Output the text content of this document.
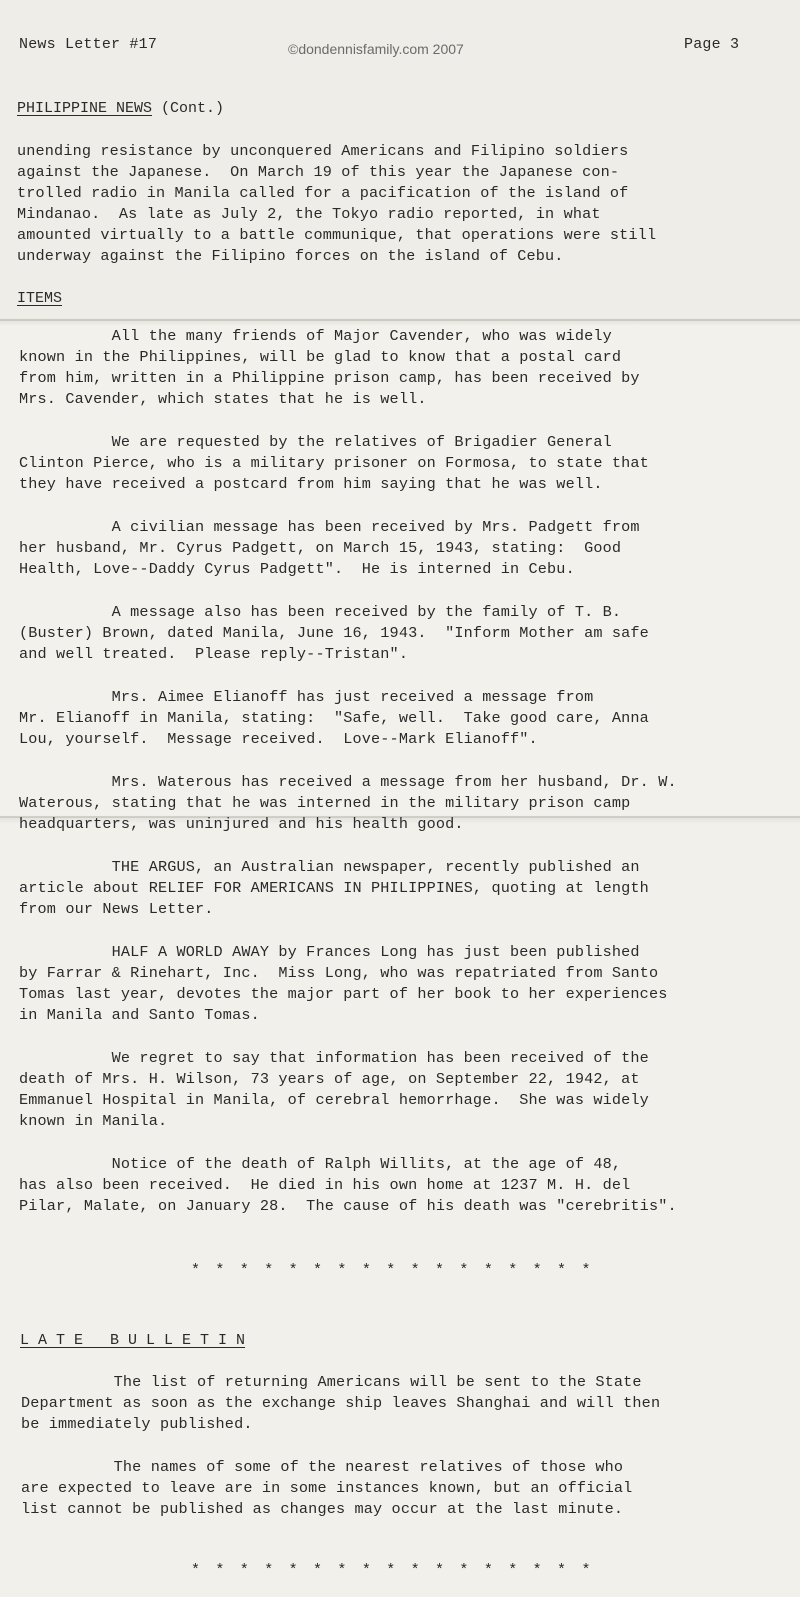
News Letter #17	©dondennisfamily.com 2007	Page 3
PHILIPPINE NEWS (Cont.)
unending resistance by unconquered Americans and Filipino soldiers
against the Japanese.  On March 19 of this year the Japanese con-
trolled radio in Manila called for a pacification of the island of
Mindanao.  As late as July 2, the Tokyo radio reported, in what
amounted virtually to a battle communique, that operations were still
underway against the Filipino forces on the island of Cebu.
ITEMS
All the many friends of Major Cavender, who was widely
known in the Philippines, will be glad to know that a postal card
from him, written in a Philippine prison camp, has been received by
Mrs. Cavender, which states that he is well.
We are requested by the relatives of Brigadier General
Clinton Pierce, who is a military prisoner on Formosa, to state that
they have received a postcard from him saying that he was well.
A civilian message has been received by Mrs. Padgett from
her husband, Mr. Cyrus Padgett, on March 15, 1943, stating:  Good
Health, Love--Daddy Cyrus Padgett".  He is interned in Cebu.
A message also has been received by the family of T. B.
(Buster) Brown, dated Manila, June 16, 1943.  "Inform Mother am safe
and well treated.  Please reply--Tristan".
Mrs. Aimee Elianoff has just received a message from
Mr. Elianoff in Manila, stating:  "Safe, well.  Take good care, Anna
Lou, yourself.  Message received.  Love--Mark Elianoff".
Mrs. Waterous has received a message from her husband, Dr. W.
Waterous, stating that he was interned in the military prison camp
headquarters, was uninjured and his health good.
THE ARGUS, an Australian newspaper, recently published an
article about RELIEF FOR AMERICANS IN PHILIPPINES, quoting at length
from our News Letter.
HALF A WORLD AWAY by Frances Long has just been published
by Farrar & Rinehart, Inc.  Miss Long, who was repatriated from Santo
Tomas last year, devotes the major part of her book to her experiences
in Manila and Santo Tomas.
We regret to say that information has been received of the
death of Mrs. H. Wilson, 73 years of age, on September 22, 1942, at
Emmanuel Hospital in Manila, of cerebral hemorrhage.  She was widely
known in Manila.
Notice of the death of Ralph Willits, at the age of 48,
has also been received.  He died in his own home at 1237 M. H. del
Pilar, Malate, on January 28.  The cause of his death was "cerebritis".
* * * * * * * * * * * * * * * * *
L A T E   B U L L E T I N
The list of returning Americans will be sent to the State
Department as soon as the exchange ship leaves Shanghai and will then
be immediately published.
The names of some of the nearest relatives of those who
are expected to leave are in some instances known, but an official
list cannot be published as changes may occur at the last minute.
* * * * * * * * * * * * * * * * *
